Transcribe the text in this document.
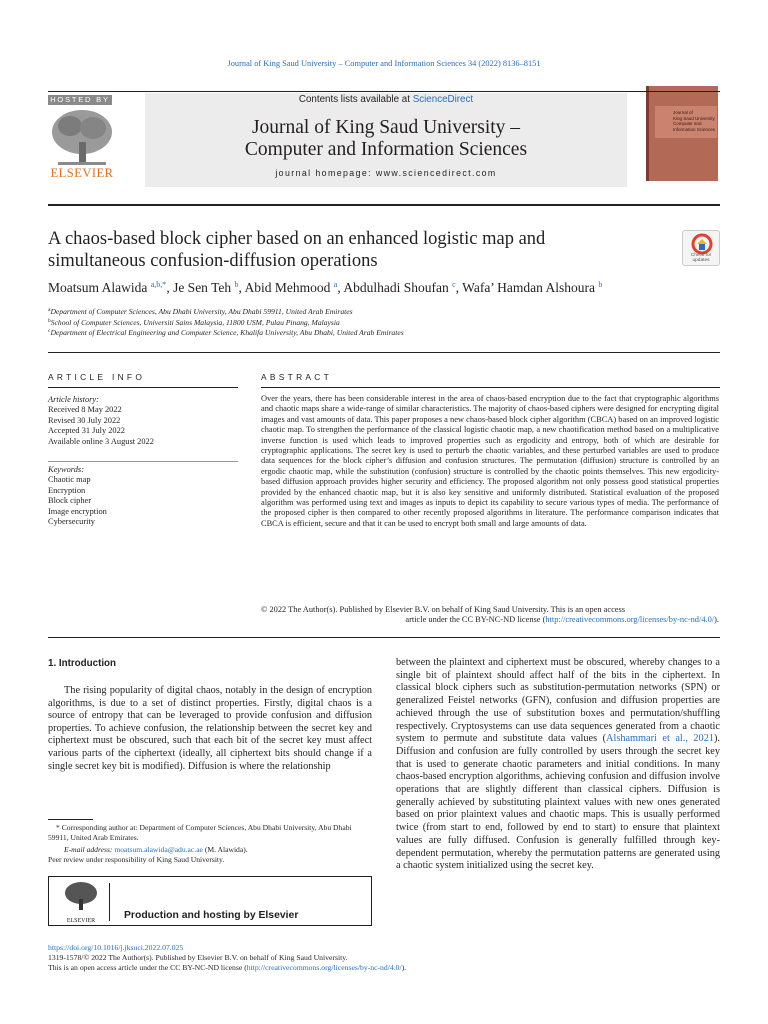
Journal of King Saud University – Computer and Information Sciences 34 (2022) 8136–8151
HOSTED BY
ELSEVIER
Contents lists available at ScienceDirect
Journal of King Saud University –
Computer and Information Sciences
journal homepage: www.sciencedirect.com
Journal of
King Saud University
Computer and
Information Sciences
A chaos-based block cipher based on an enhanced logistic map and
simultaneous confusion-diffusion operations	Check for updates
Moatsum Alawida $^{a,b,*}$, Je Sen Teh $^b$, Abid Mehmood $^a$, Abdulhadi Shoufan $^c$, Wafa’ Hamdan Alshoura $^b$
$^a$Department of Computer Sciences, Abu Dhabi University, Abu Dhabi 59911, United Arab Emirates
$^b$School of Computer Sciences, Universiti Sains Malaysia, 11800 USM, Pulau Pinang, Malaysia
$^c$Department of Electrical Engineering and Computer Science, Khalifa University, Abu Dhabi, United Arab Emirates
ARTICLE INFO	ABSTRACT
Article history:
Received 8 May 2022
Revised 30 July 2022
Accepted 31 July 2022
Available online 3 August 2022
Keywords:
Chaotic map
Encryption
Block cipher
Image encryption
Cybersecurity
Over the years, there has been considerable interest in the area of chaos-based encryption due to the fact that cryptographic algorithms and chaotic maps share a wide-range of similar characteristics. The majority of chaos-based ciphers were designed for encrypting digital images and vast amounts of data. This paper proposes a new chaos-based block cipher algorithm (CBCA) based on an improved logistic chaotic map. To strengthen the performance of the classical logistic chaotic map, a new chaotification method based on a multiplicative inverse function is used which leads to improved properties such as ergodicity and entropy, both of which are desirable for cryptographic applications. The secret key is used to perturb the chaotic variables, and these perturbed variables are used to produce data sequences for the block cipher’s diffusion and confusion structures. The permutation (diffusion) structure is controlled by an ergodic chaotic map, while the substitution (confusion) structure is controlled by the chaotic points themselves. This new ergodicity-based diffusion approach provides higher security and efficiency. The proposed algorithm not only possess good statistical properties provided by the enhanced chaotic map, but it is also key sensitive and uniformly distributed. Statistical evaluation of the proposed algorithm was performed using text and images as inputs to depict its capability to secure various types of media. The performance of the proposed cipher is then compared to other recently proposed algorithms in literature. The performance comparison indicates that CBCA is efficient, secure and that it can be used to encrypt both small and large amounts of data.
© 2022 The Author(s). Published by Elsevier B.V. on behalf of King Saud University. This is an open access
article under the CC BY-NC-ND license (http://creativecommons.org/licenses/by-nc-nd/4.0/).
1. Introduction

The rising popularity of digital chaos, notably in the design of encryption algorithms, is due to a set of distinct properties. Firstly, digital chaos is a source of entropy that can be leveraged to provide confusion and diffusion properties. To achieve confusion, the relationship between the secret key and ciphertext must be obscured, such that each bit of the secret key must affect various parts of the ciphertext (ideally, all ciphertext bits should change if a single secret key bit is modified). Diffusion is where the relationship

between the plaintext and ciphertext must be obscured, whereby changes to a single bit of plaintext should affect half of the bits in the ciphertext. In classical block ciphers such as substitution-permutation networks (SPN) or generalized Feistel networks (GFN), confusion and diffusion properties are achieved through the use of substitution boxes and permutation/shuffling respectively. Cryptosystems can use data sequences generated from a chaotic system to permute and substitute data values (Alshammari et al., 2021). Diffusion and confusion are fully controlled by users through the secret key that is used to generate chaotic parameters and initial conditions. In many chaos-based encryption algorithms, achieving confusion and diffusion involve operations that are slightly different than classical ciphers. Diffusion is generally achieved by substituting plaintext values with new ones generated based on prior plaintext values and chaotic maps. This is usually performed twice (from start to end, followed by end to start) to ensure that plaintext values are fully diffused. Confusion is generally fulfilled through key-dependent permutation, whereby the permutation patterns are generated using a chaotic system initialized using the secret key.
* Corresponding author at: Department of Computer Sciences, Abu Dhabi University, Abu Dhabi 59911, United Arab Emirates.
E-mail address: moatsum.alawida@adu.ac.ae (M. Alawida).
Peer review under responsibility of King Saud University.
ELSEVIER	Production and hosting by Elsevier
https://doi.org/10.1016/j.jksuci.2022.07.025
1319-1578/© 2022 The Author(s). Published by Elsevier B.V. on behalf of King Saud University.
This is an open access article under the CC BY-NC-ND license (http://creativecommons.org/licenses/by-nc-nd/4.0/).
